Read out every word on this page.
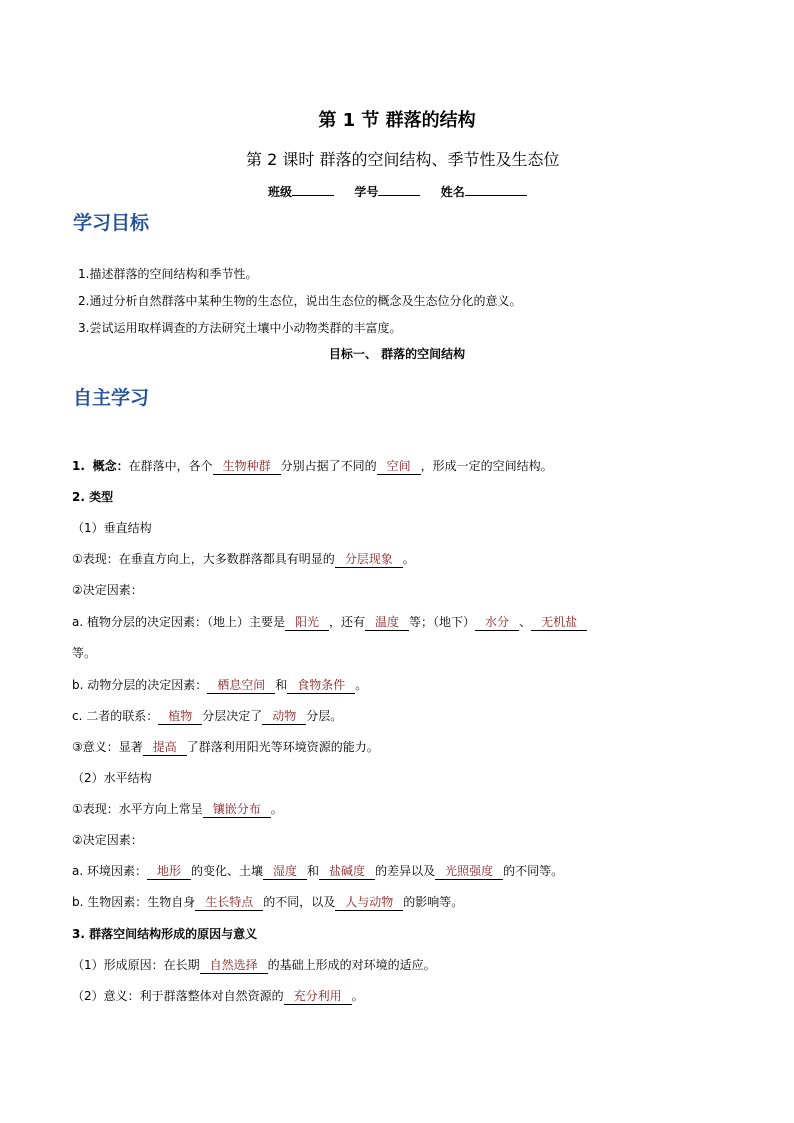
第 1 节 群落的结构
第 2 课时 群落的空间结构、季节性及生态位
班级	学号	姓名
学习目标
1.描述群落的空间结构和季节性。
2.通过分析自然群落中某种生物的生态位，说出生态位的概念及生态位分化的意义。
3.尝试运用取样调查的方法研究土壤中小动物类群的丰富度。
目标一、 群落的空间结构
自主学习
1. 概念：在群落中，各个 生物种群 分别占据了不同的 空间 ，形成一定的空间结构。
2. 类型
（1）垂直结构
①表现：在垂直方向上，大多数群落都具有明显的 分层现象 。
②决定因素：
a. 植物分层的决定因素：（地上）主要是 阳光 ，还有 温度 等；（地下） 水分 、 无机盐
等。
b. 动物分层的决定因素： 栖息空间 和 食物条件 。
c. 二者的联系： 植物 分层决定了 动物 分层。
③意义：显著 提高 了群落利用阳光等环境资源的能力。
（2）水平结构
①表现：水平方向上常呈 镶嵌分布 。
②决定因素：
a. 环境因素： 地形 的变化、土壤 湿度 和 盐碱度 的差异以及 光照强度 的不同等。
b. 生物因素：生物自身 生长特点 的不同，以及 人与动物 的影响等。
3. 群落空间结构形成的原因与意义
（1）形成原因：在长期 自然选择 的基础上形成的对环境的适应。
（2）意义：利于群落整体对自然资源的 充分利用 。
